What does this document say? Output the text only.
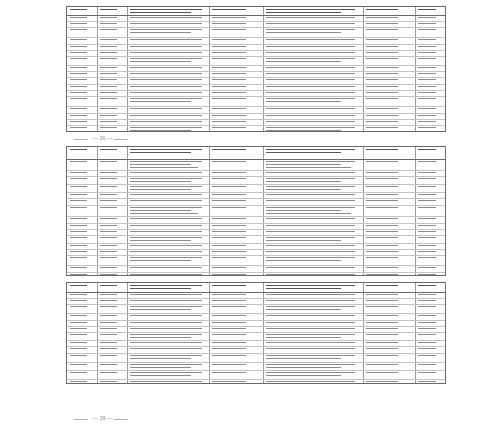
— 26 —
— 28 —
